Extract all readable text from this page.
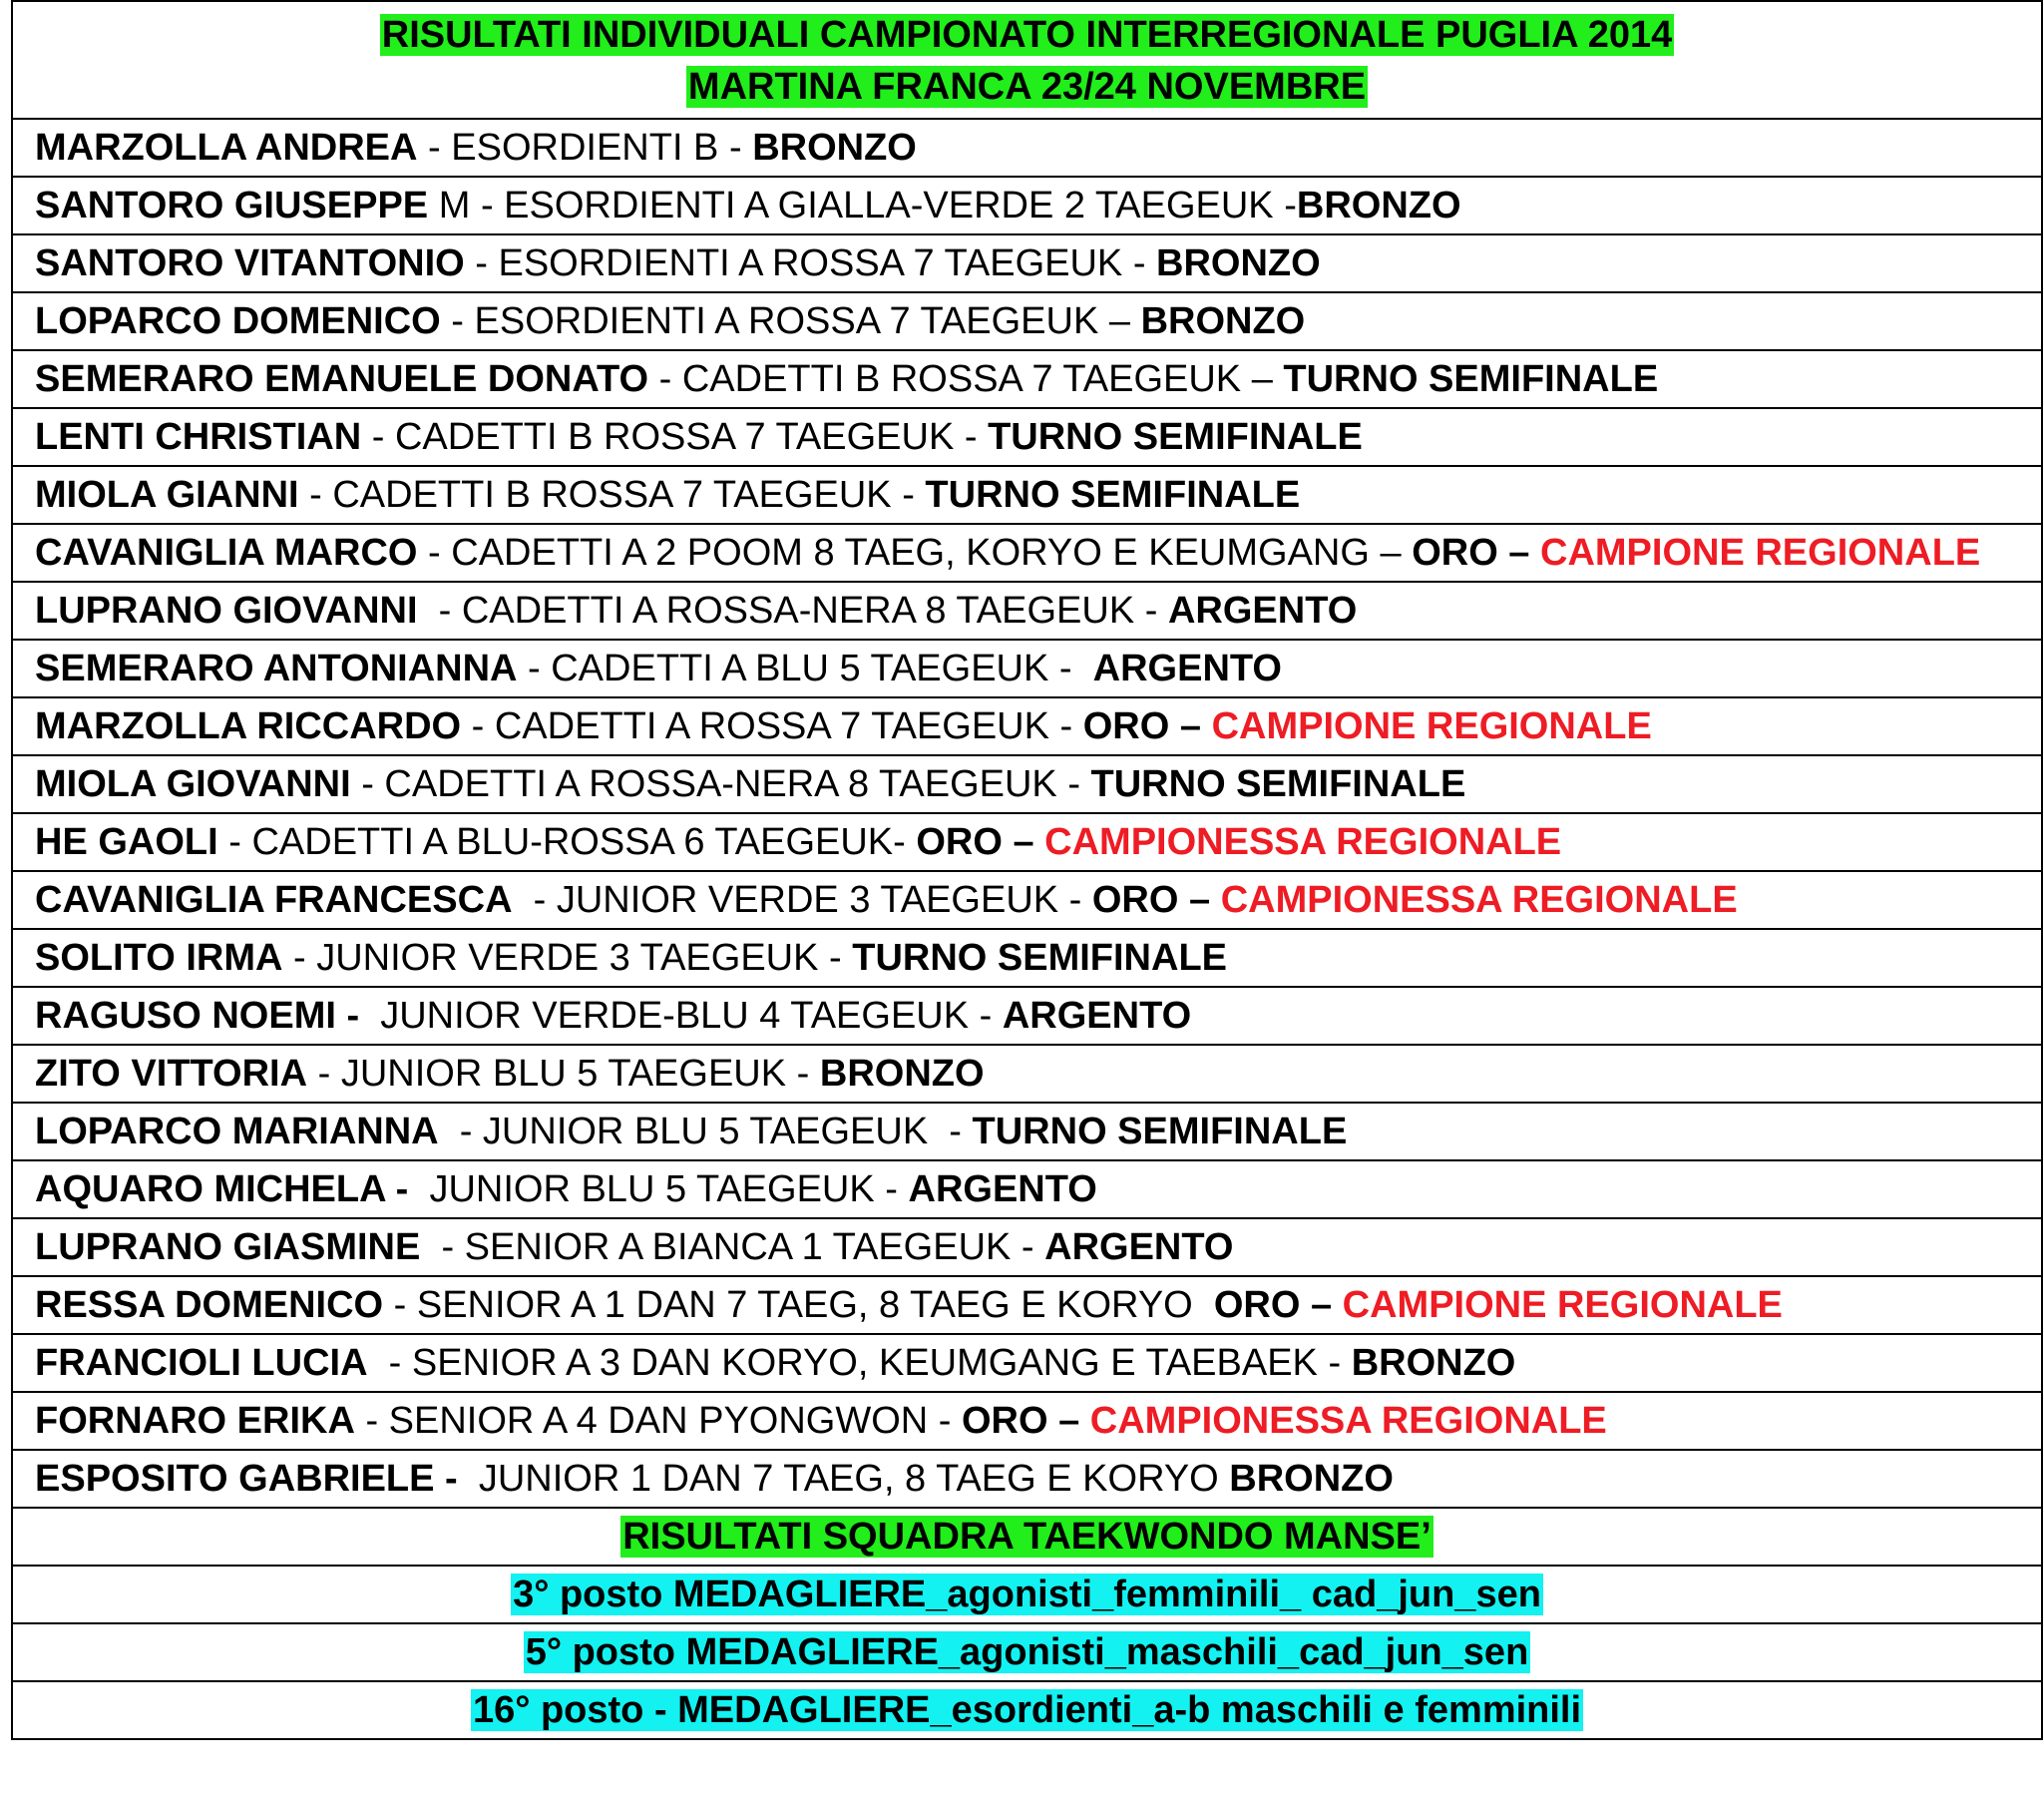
RISULTATI INDIVIDUALI CAMPIONATO INTERREGIONALE PUGLIA 2014
MARTINA FRANCA 23/24 NOVEMBRE
MARZOLLA ANDREA - ESORDIENTI B - BRONZO
SANTORO GIUSEPPE M - ESORDIENTI A GIALLA-VERDE 2 TAEGEUK -BRONZO
SANTORO VITANTONIO - ESORDIENTI A ROSSA 7 TAEGEUK - BRONZO
LOPARCO DOMENICO - ESORDIENTI A ROSSA 7 TAEGEUK – BRONZO
SEMERARO EMANUELE DONATO - CADETTI B ROSSA 7 TAEGEUK – TURNO SEMIFINALE
LENTI CHRISTIAN - CADETTI B ROSSA 7 TAEGEUK - TURNO SEMIFINALE
MIOLA GIANNI - CADETTI B ROSSA 7 TAEGEUK - TURNO SEMIFINALE
CAVANIGLIA MARCO - CADETTI A 2 POOM 8 TAEG, KORYO E KEUMGANG – ORO – CAMPIONE REGIONALE
LUPRANO GIOVANNI  - CADETTI A ROSSA-NERA 8 TAEGEUK - ARGENTO
SEMERARO ANTONIANNA - CADETTI A BLU 5 TAEGEUK -  ARGENTO
MARZOLLA RICCARDO - CADETTI A ROSSA 7 TAEGEUK - ORO – CAMPIONE REGIONALE
MIOLA GIOVANNI - CADETTI A ROSSA-NERA 8 TAEGEUK - TURNO SEMIFINALE
HE GAOLI - CADETTI A BLU-ROSSA 6 TAEGEUK- ORO – CAMPIONESSA REGIONALE
CAVANIGLIA FRANCESCA  - JUNIOR VERDE 3 TAEGEUK - ORO – CAMPIONESSA REGIONALE
SOLITO IRMA - JUNIOR VERDE 3 TAEGEUK - TURNO SEMIFINALE
RAGUSO NOEMI -  JUNIOR VERDE-BLU 4 TAEGEUK - ARGENTO
ZITO VITTORIA - JUNIOR BLU 5 TAEGEUK - BRONZO
LOPARCO MARIANNA  - JUNIOR BLU 5 TAEGEUK  - TURNO SEMIFINALE
AQUARO MICHELA -  JUNIOR BLU 5 TAEGEUK - ARGENTO
LUPRANO GIASMINE  - SENIOR A BIANCA 1 TAEGEUK - ARGENTO
RESSA DOMENICO - SENIOR A 1 DAN 7 TAEG, 8 TAEG E KORYO  ORO – CAMPIONE REGIONALE
FRANCIOLI LUCIA  - SENIOR A 3 DAN KORYO, KEUMGANG E TAEBAEK - BRONZO
FORNARO ERIKA - SENIOR A 4 DAN PYONGWON - ORO – CAMPIONESSA REGIONALE
ESPOSITO GABRIELE -  JUNIOR 1 DAN 7 TAEG, 8 TAEG E KORYO BRONZO
RISULTATI SQUADRA TAEKWONDO MANSE’
3° posto MEDAGLIERE_agonisti_femminili_ cad_jun_sen
5° posto MEDAGLIERE_agonisti_maschili_cad_jun_sen
16° posto - MEDAGLIERE_esordienti_a-b maschili e femminili
